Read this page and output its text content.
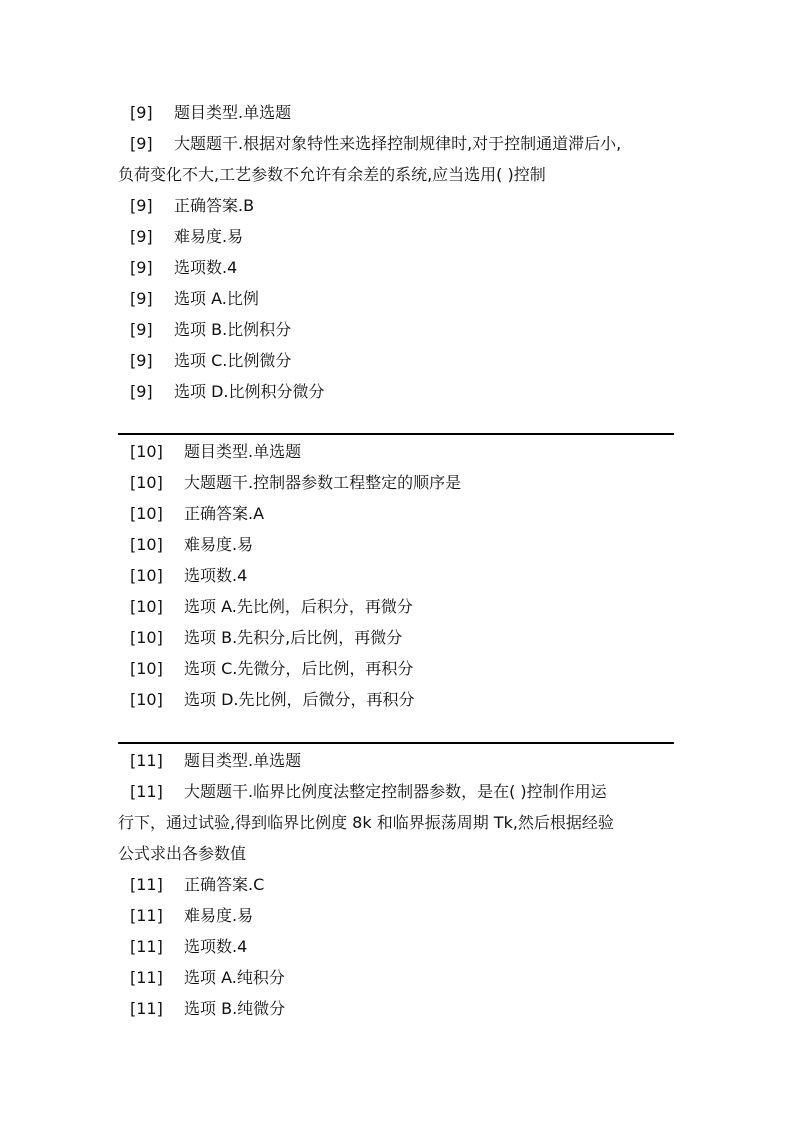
[9] 题目类型.单选题
[9] 大题题干.根据对象特性来选择控制规律时,对于控制通道滞后小,
负荷变化不大,工艺参数不允许有余差的系统,应当选用( )控制
[9] 正确答案.B
[9] 难易度.易
[9] 选项数.4
[9] 选项 A.比例
[9] 选项 B.比例积分
[9] 选项 C.比例微分
[9] 选项 D.比例积分微分
[10] 题目类型.单选题
[10] 大题题干.控制器参数工程整定的顺序是
[10] 正确答案.A
[10] 难易度.易
[10] 选项数.4
[10] 选项 A.先比例，后积分，再微分
[10] 选项 B.先积分,后比例，再微分
[10] 选项 C.先微分，后比例，再积分
[10] 选项 D.先比例，后微分，再积分
[11] 题目类型.单选题
[11] 大题题干.临界比例度法整定控制器参数，是在( )控制作用运
行下，通过试验,得到临界比例度 8k 和临界振荡周期 Tk,然后根据经验
公式求出各参数值
[11] 正确答案.C
[11] 难易度.易
[11] 选项数.4
[11] 选项 A.纯积分
[11] 选项 B.纯微分
